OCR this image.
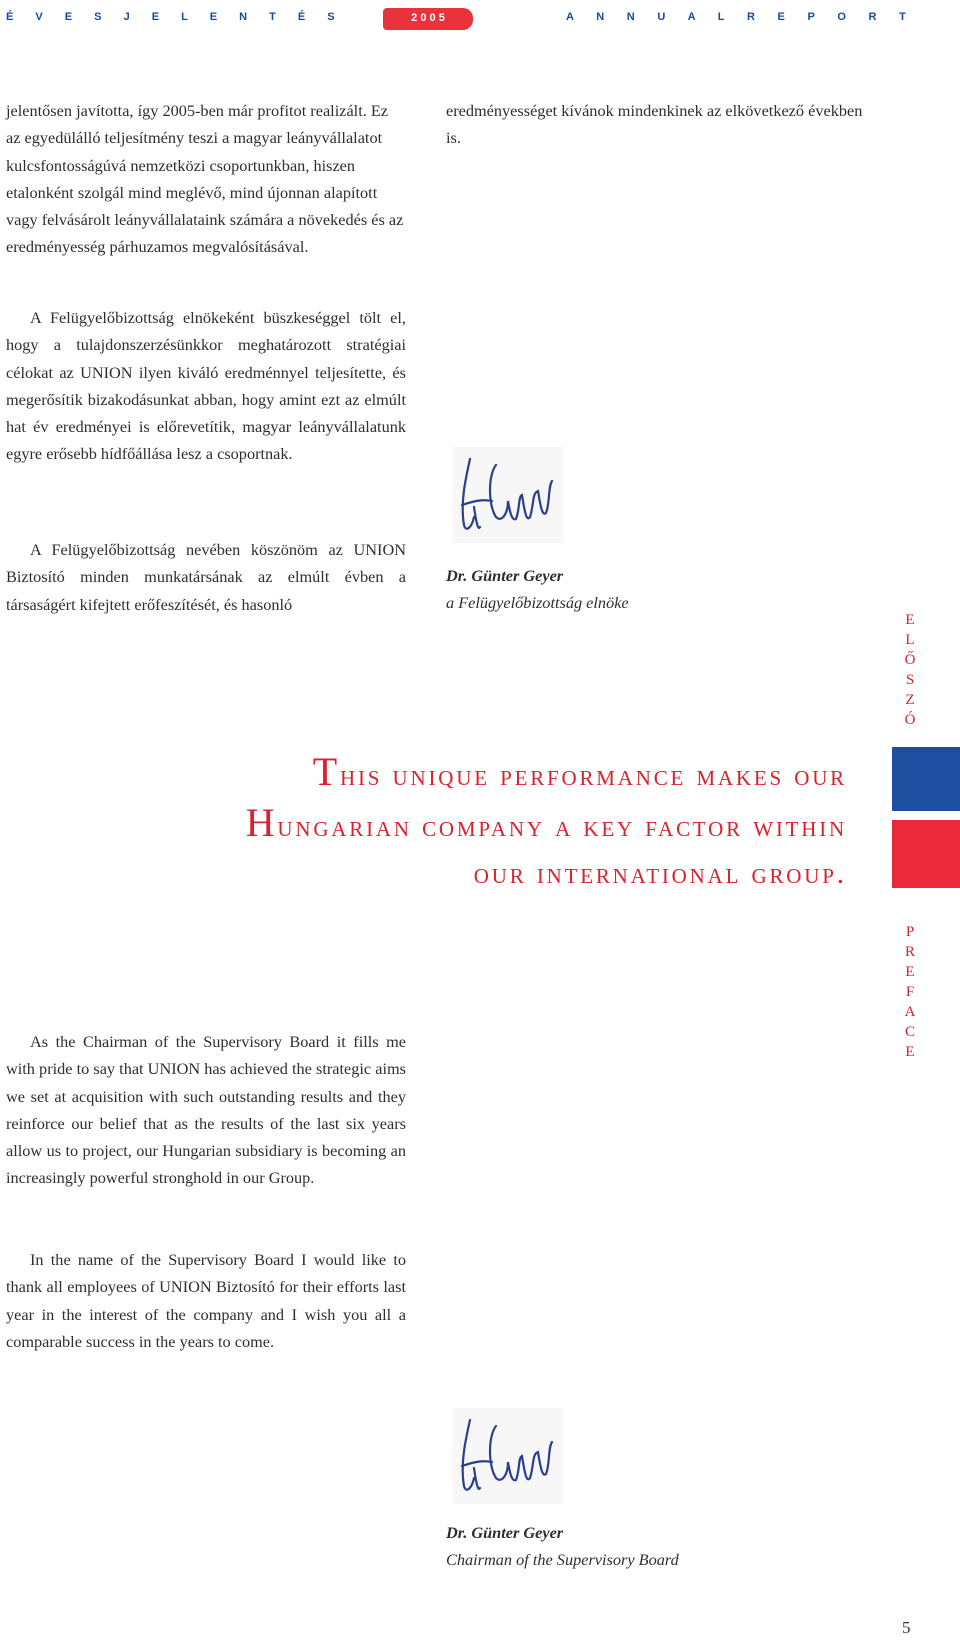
É V E S J E L E N T É S	2 0 0 5	A N N U A L R E P O R T

jelentősen javította, így 2005-ben már profitot realizált. Ez az egyedülálló teljesítmény teszi a magyar leányvállalatot kulcsfontosságúvá nemzetközi csoportunkban, hiszen etalonként szolgál mind meglévő, mind újonnan alapított vagy felvásárolt leányvállalataink számára a növekedés és az eredményesség párhuzamos megvalósításával.

A Felügyelőbizottság elnökeként büszkeséggel tölt el, hogy a tulajdonszerzésünkkor meghatározott stratégiai célokat az UNION ilyen kiváló eredménnyel teljesítette, és megerősítik bizakodásunkat abban, hogy amint ezt az elmúlt hat év eredményei is előrevetítik, magyar leányvállalatunk egyre erősebb hídfőállása lesz a csoportnak.

A Felügyelőbizottság nevében köszönöm az UNION Biztosító minden munkatársának az elmúlt évben a társaságért kifejtett erőfeszítését, és hasonló

eredményességet kívánok mindenkinek az elkövetkező években is.

Dr. Günter Geyer
a Felügyelőbizottság elnöke
E
L
Ő
S
Z
Ó
P
R
E
F
A
C
E
This unique performance makes our
Hungarian company a key factor within
our international group.

As the Chairman of the Supervisory Board it fills me with pride to say that UNION has achieved the strategic aims we set at acquisition with such outstanding results and they reinforce our belief that as the results of the last six years allow us to project, our Hungarian subsidiary is becoming an increasingly powerful stronghold in our Group.

In the name of the Supervisory Board I would like to thank all employees of UNION Biztosító for their efforts last year in the interest of the company and I wish you all a comparable success in the years to come.

Dr. Günter Geyer
Chairman of the Supervisory Board
5
